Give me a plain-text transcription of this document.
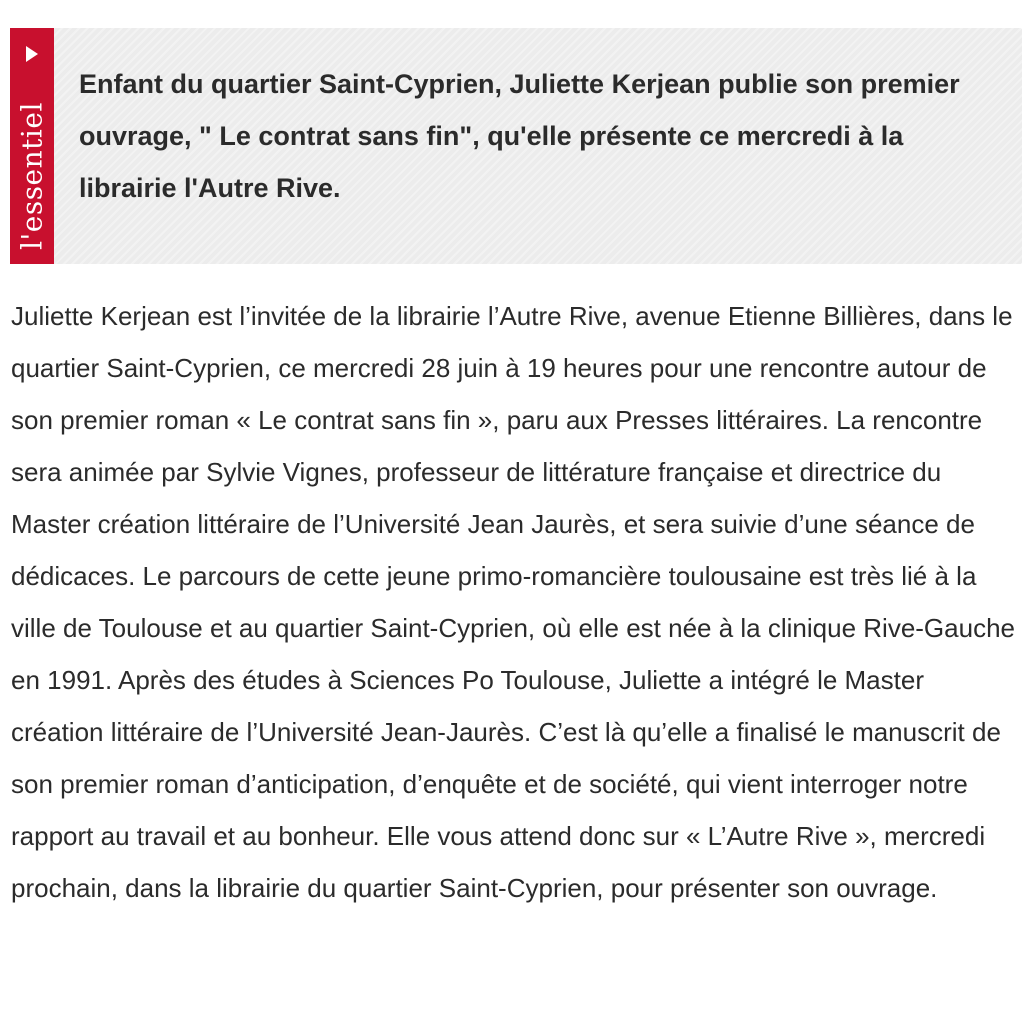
l'essentiel

Enfant du quartier Saint-Cyprien, Juliette Kerjean publie son premier ouvrage, " Le contrat sans fin", qu'elle présente ce mercredi à la librairie l'Autre Rive.

Juliette Kerjean est l’invitée de la librairie l’Autre Rive, avenue Etienne Billières, dans le quartier Saint-Cyprien, ce mercredi 28 juin à 19 heures pour une rencontre autour de son premier roman « Le contrat sans fin », paru aux Presses littéraires. La rencontre sera animée par Sylvie Vignes, professeur de littérature française et directrice du Master création littéraire de l’Université Jean Jaurès, et sera suivie d’une séance de dédicaces. Le parcours de cette jeune primo-romancière toulousaine est très lié à la ville de Toulouse et au quartier Saint-Cyprien, où elle est née à la clinique Rive-Gauche en 1991. Après des études à Sciences Po Toulouse, Juliette a intégré le Master création littéraire de l’Université Jean-Jaurès. C’est là qu’elle a finalisé le manuscrit de son premier roman d’anticipation, d’enquête et de société, qui vient interroger notre rapport au travail et au bonheur. Elle vous attend donc sur « L’Autre Rive », mercredi prochain, dans la librairie du quartier Saint-Cyprien, pour présenter son ouvrage.
